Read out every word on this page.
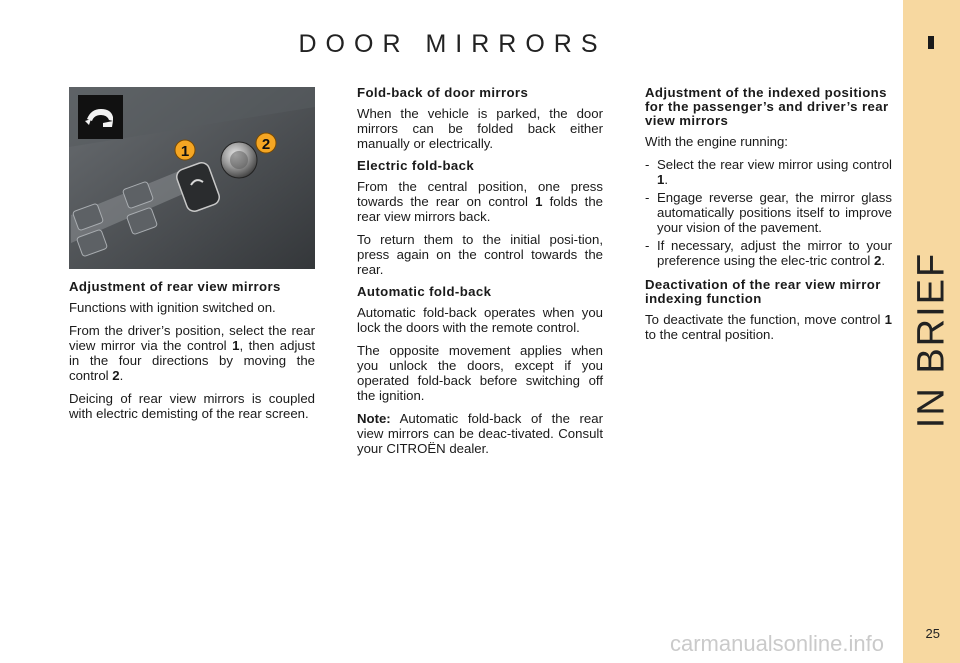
DOOR MIRRORS
IN BRIEF
1	2
Adjustment of rear view mirrors

Functions with ignition switched on.

From the driver’s position, select the rear view mirror via the control 1, then adjust in the four directions by moving the control 2.

Deicing of rear view mirrors is coupled with electric demisting of the rear screen.

Fold-back of door mirrors

When the vehicle is parked, the door mirrors can be folded back either manually or electrically.

Electric fold-back

From the central position, one press towards the rear on control 1 folds the rear view mirrors back.

To return them to the initial posi-tion, press again on the control towards the rear.

Automatic fold-back

Automatic fold-back operates when you lock the doors with the remote control.

The opposite movement applies when you unlock the doors, except if you operated fold-back before switching off the ignition.

Note: Automatic fold-back of the rear view mirrors can be deac-tivated. Consult your CITROËN dealer.

Adjustment of the indexed positions for the passenger’s and driver’s rear view mirrors

With the engine running:

- Select the rear view mirror using control 1.
- Engage reverse gear, the mirror glass automatically positions itself to improve your vision of the pavement.
- If necessary, adjust the mirror to your preference using the elec-tric control 2.
Deactivation of the rear view mirror indexing function

To deactivate the function, move control 1 to the central position.

25
carmanualsonline.info
